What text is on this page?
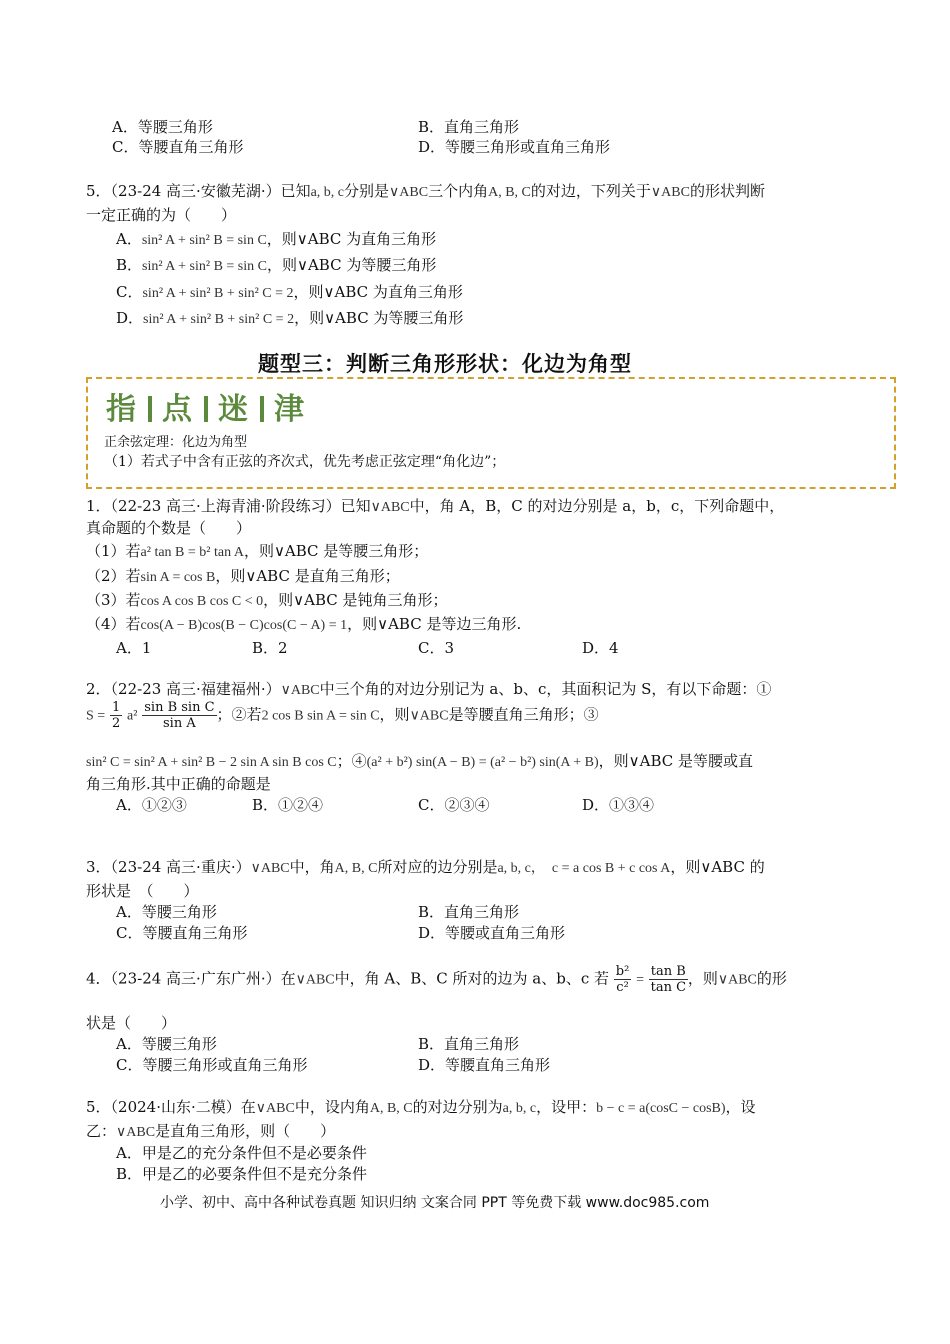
A．等腰三角形	B．直角三角形
C．等腰直角三角形	D．等腰三角形或直角三角形
5．（23-24 高三·安徽芜湖·）已知a, b, c分别是∨ABC三个内角A, B, C的对边，下列关于∨ABC的形状判断
一定正确的为（　　）
A．sin² A + sin² B = sin C，则∨ABC 为直角三角形
B．sin² A + sin² B = sin C，则∨ABC 为等腰三角形
C．sin² A + sin² B + sin² C = 2，则∨ABC 为直角三角形
D．sin² A + sin² B + sin² C = 2，则∨ABC 为等腰三角形
题型三：判断三角形形状：化边为角型
指 点 迷 津
正余弦定理：化边为角型
（1）若式子中含有正弦的齐次式，优先考虑正弦定理“角化边”；
1．（22-23 高三·上海青浦·阶段练习）已知∨ABC中，角 A，B，C 的对边分别是 a，b，c，下列命题中，
真命题的个数是（　　）
（1）若a² tan B = b² tan A，则∨ABC 是等腰三角形；
（2）若sin A = cos B，则∨ABC 是直角三角形；
（3）若cos A cos B cos C < 0，则∨ABC 是钝角三角形；
（4）若cos(A − B)cos(B − C)cos(C − A) = 1，则∨ABC 是等边三角形.
A．1	B．2	C．3	D．4
2．（22-23 高三·福建福州·）∨ABC中三个角的对边分别记为 a、b、c，其面积记为 S，有以下命题：①
$S = \frac{1}{2} a^2 \frac{\text{sin B sin C}}{\text{sin A}}$ ；②若2 cos B sin A = sin C，则∨ABC是等腰直角三角形；③
sin² C = sin² A + sin² B − 2 sin A sin B cos C；④(a² + b²) sin(A − B) = (a² − b²) sin(A + B)，则∨ABC 是等腰或直
角三角形.其中正确的命题是
A．①②③	B．①②④	C．②③④	D．①③④
3．（23-24 高三·重庆·）∨ABC中，角A, B, C所对应的边分别是a, b, c，　c = a cos B + c cos A，则∨ABC 的
形状是　（　　）
A．等腰三角形	B．直角三角形
C．等腰直角三角形	D．等腰或直角三角形
4．（23-24 高三·广东广州·）在∨ABC中，角 A、B、C 所对的边为 a、b、c 若 $\frac{\text{b²}}{\text{c²}} = \frac{\text{tan B}}{\text{tan C}}$ ，则∨ABC的形
状是（　　）
A．等腰三角形	B．直角三角形
C．等腰三角形或直角三角形	D．等腰直角三角形
5．（2024·山东·二模）在∨ABC中，设内角A, B, C的对边分别为a, b, c，设甲：b − c = a(cosC − cosB)，设
乙：∨ABC是直角三角形，则（　　）
A．甲是乙的充分条件但不是必要条件
B．甲是乙的必要条件但不是充分条件
小学、初中、高中各种试卷真题 知识归纳 文案合同 PPT 等免费下载 www.doc985.com
